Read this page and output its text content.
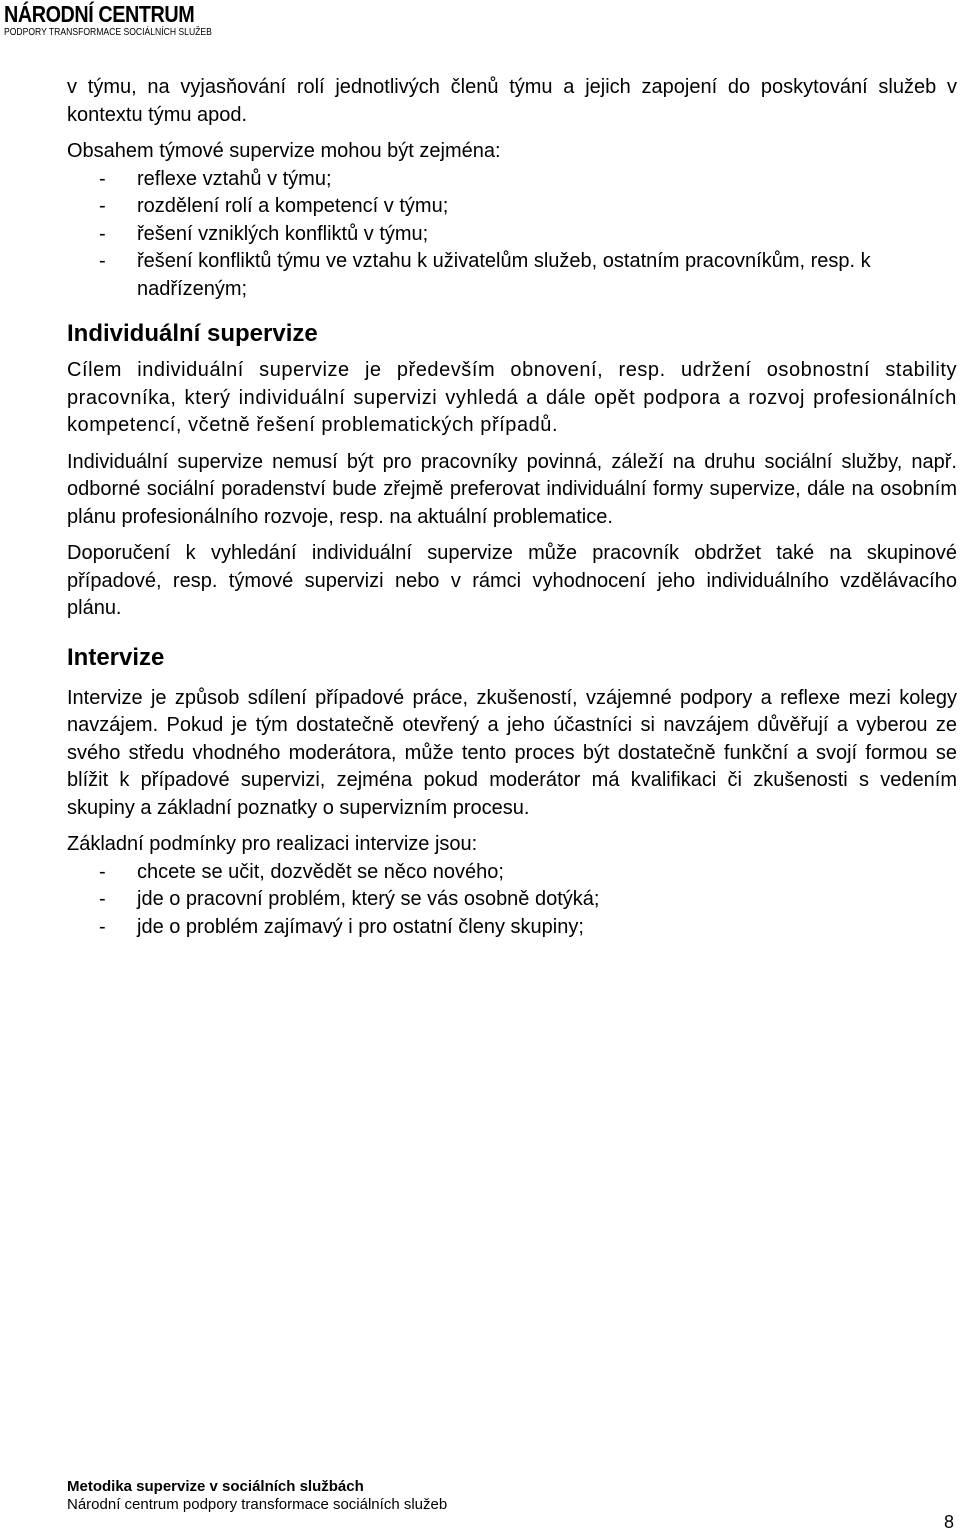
NÁRODNÍ CENTRUM
PODPORY TRANSFORMACE SOCIÁLNÍCH SLUŽEB

v týmu, na vyjasňování rolí jednotlivých členů týmu a jejich zapojení do poskytování služeb v kontextu týmu apod.

Obsahem týmové supervize mohou být zejména:

- reflexe vztahů v týmu;
- rozdělení rolí a kompetencí v týmu;
- řešení vzniklých konfliktů v týmu;
- řešení konfliktů týmu ve vztahu k uživatelům služeb, ostatním pracovníkům, resp. k nadřízeným;
Individuální supervize

Cílem individuální supervize je především obnovení, resp. udržení osobnostní stability pracovníka, který individuální supervizi vyhledá a dále opět podpora a rozvoj profesionálních kompetencí, včetně řešení problematických případů.

Individuální supervize nemusí být pro pracovníky povinná, záleží na druhu sociální služby, např. odborné sociální poradenství bude zřejmě preferovat individuální formy supervize, dále na osobním plánu profesionálního rozvoje, resp. na aktuální problematice.

Doporučení k vyhledání individuální supervize může pracovník obdržet také na skupinové případové, resp. týmové supervizi nebo v rámci vyhodnocení jeho individuálního vzdělávacího plánu.

Intervize

Intervize je způsob sdílení případové práce, zkušeností, vzájemné podpory a reflexe mezi kolegy navzájem. Pokud je tým dostatečně otevřený a jeho účastníci si navzájem důvěřují a vyberou ze svého středu vhodného moderátora, může tento proces být dostatečně funkční a svojí formou se blížit k případové supervizi, zejména pokud moderátor má kvalifikaci či zkušenosti s vedením skupiny a základní poznatky o supervizním procesu.

Základní podmínky pro realizaci intervize jsou:

- chcete se učit, dozvědět se něco nového;
- jde o pracovní problém, který se vás osobně dotýká;
- jde o problém zajímavý i pro ostatní členy skupiny;
Metodika supervize v sociálních službách
Národní centrum podpory transformace sociálních služeb
8
